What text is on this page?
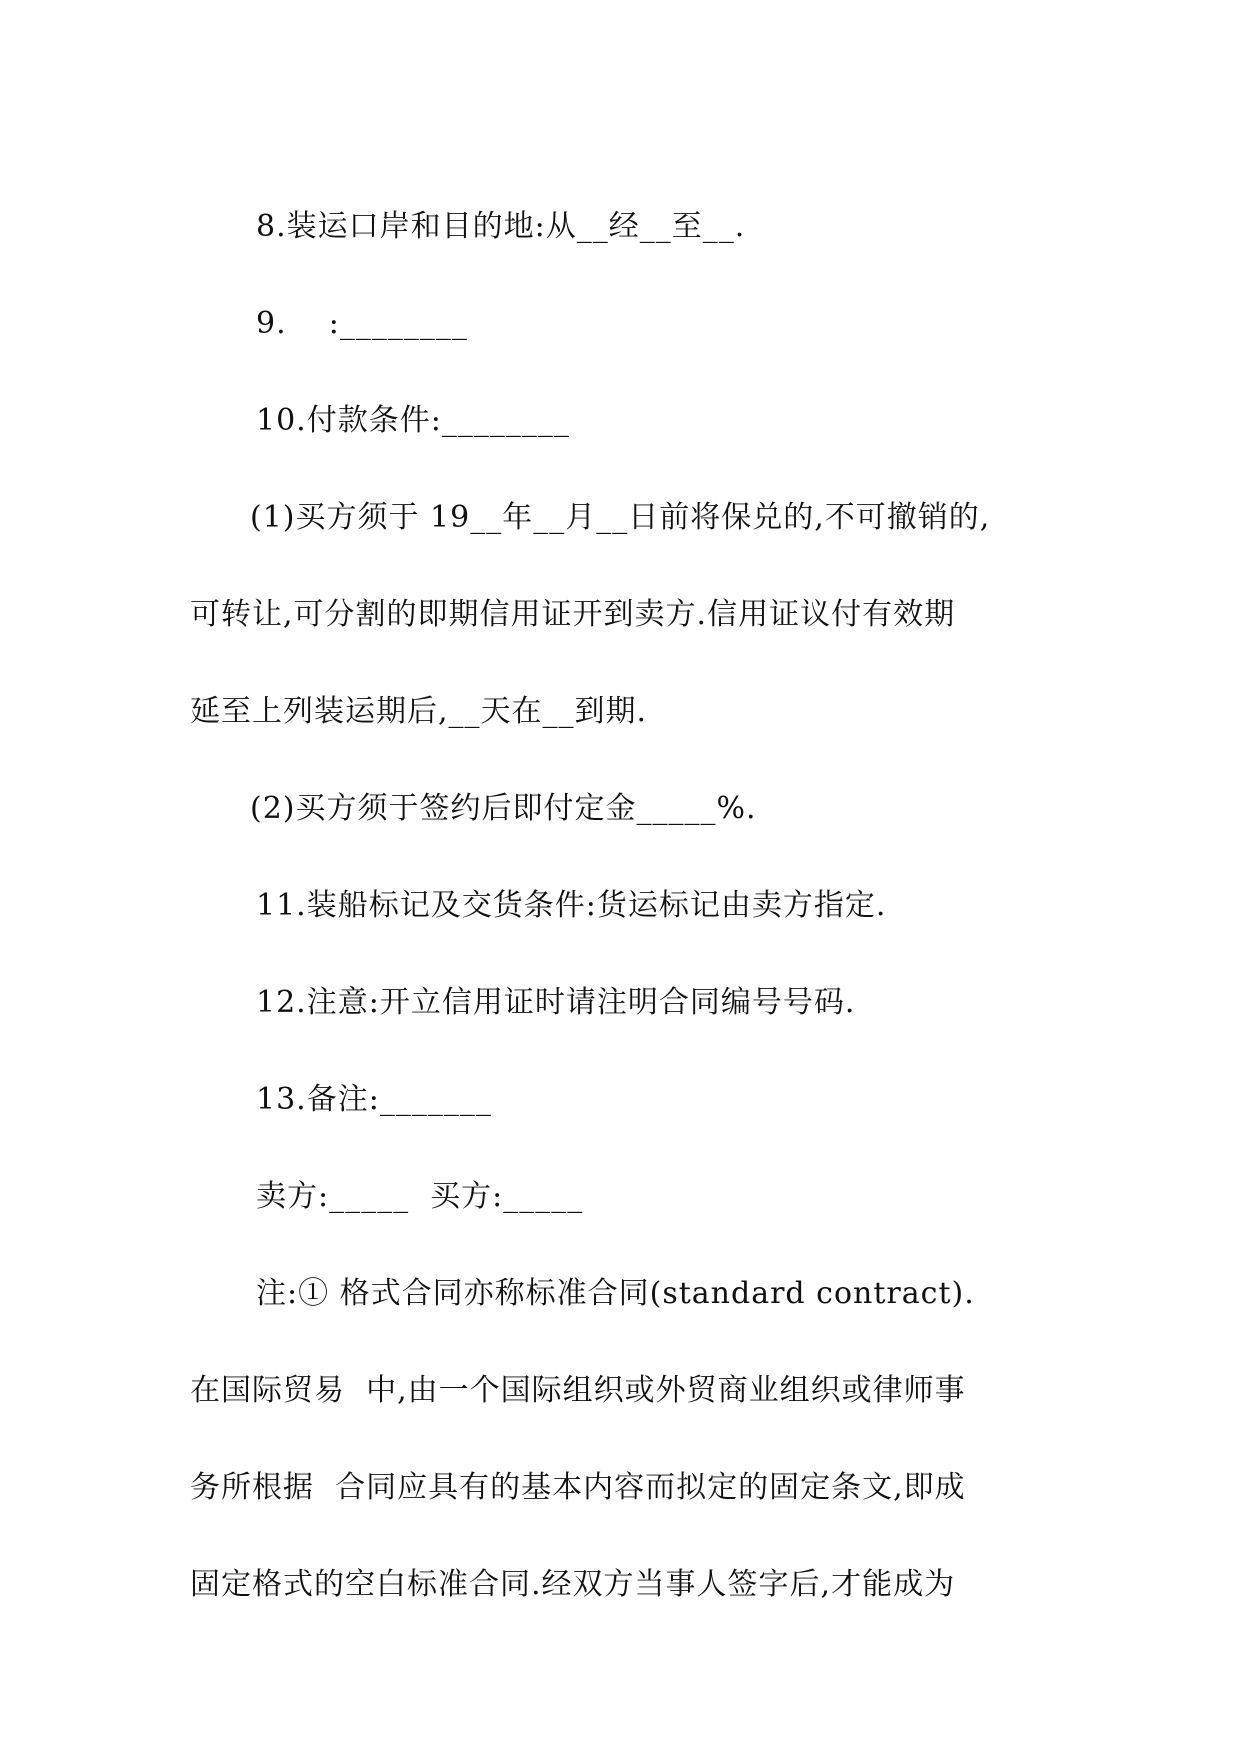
8.装运口岸和目的地:从__经__至__.
9.    :________
10.付款条件:________
(1)买方须于 19__年__月__日前将保兑的,不可撤销的,
可转让,可分割的即期信用证开到卖方.信用证议付有效期
延至上列装运期后,__天在__到期.
(2)买方须于签约后即付定金_____%.
11.装船标记及交货条件:货运标记由卖方指定.
12.注意:开立信用证时请注明合同编号号码.
13.备注:_______
卖方:_____  买方:_____
注:① 格式合同亦称标准合同(standard contract).
在国际贸易  中,由一个国际组织或外贸商业组织或律师事
务所根据  合同应具有的基本内容而拟定的固定条文,即成
固定格式的空白标准合同.经双方当事人签字后,才能成为
